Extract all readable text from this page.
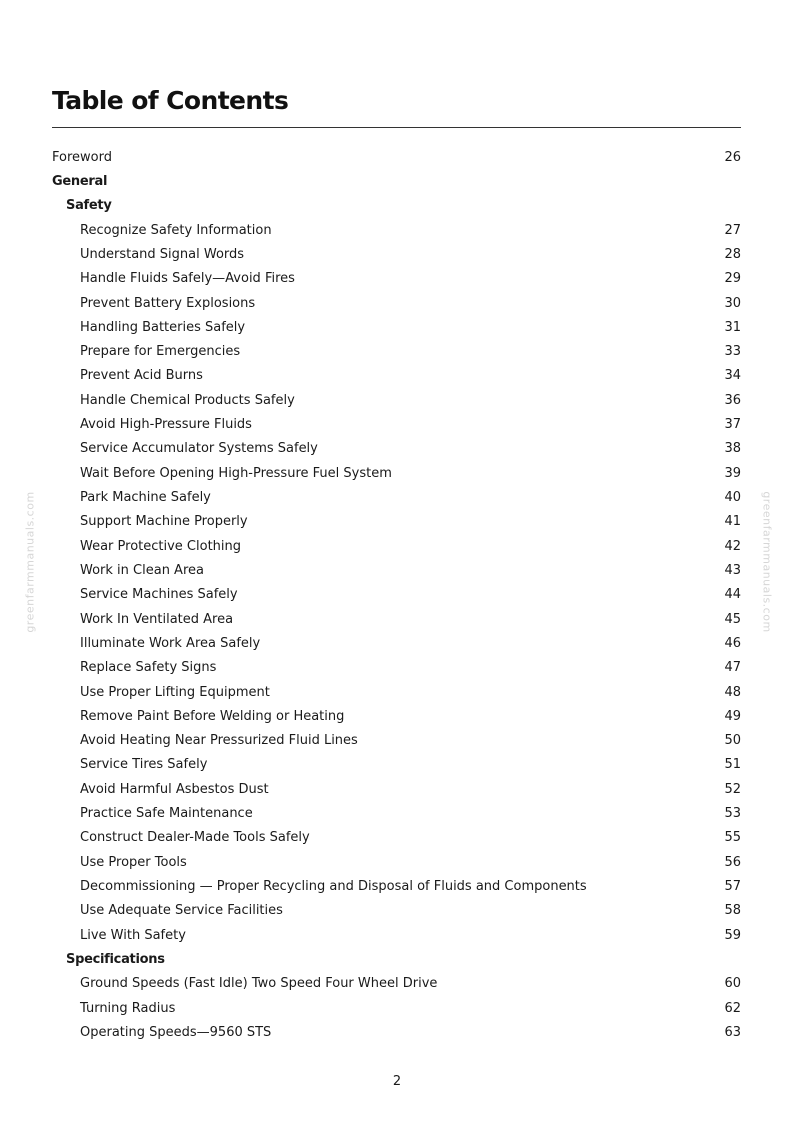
Table of Contents
Foreword	26
General
Safety
Recognize Safety Information	27
Understand Signal Words	28
Handle Fluids Safely—Avoid Fires	29
Prevent Battery Explosions	30
Handling Batteries Safely	31
Prepare for Emergencies	33
Prevent Acid Burns	34
Handle Chemical Products Safely	36
Avoid High-Pressure Fluids	37
Service Accumulator Systems Safely	38
Wait Before Opening High-Pressure Fuel System	39
Park Machine Safely	40
Support Machine Properly	41
Wear Protective Clothing	42
Work in Clean Area	43
Service Machines Safely	44
Work In Ventilated Area	45
Illuminate Work Area Safely	46
Replace Safety Signs	47
Use Proper Lifting Equipment	48
Remove Paint Before Welding or Heating	49
Avoid Heating Near Pressurized Fluid Lines	50
Service Tires Safely	51
Avoid Harmful Asbestos Dust	52
Practice Safe Maintenance	53
Construct Dealer-Made Tools Safely	55
Use Proper Tools	56
Decommissioning — Proper Recycling and Disposal of Fluids and Components	57
Use Adequate Service Facilities	58
Live With Safety	59
Specifications
Ground Speeds (Fast Idle) Two Speed Four Wheel Drive	60
Turning Radius	62
Operating Speeds—9560 STS	63
2
greenfarmmanuals.com	greenfarmmanuals.com
